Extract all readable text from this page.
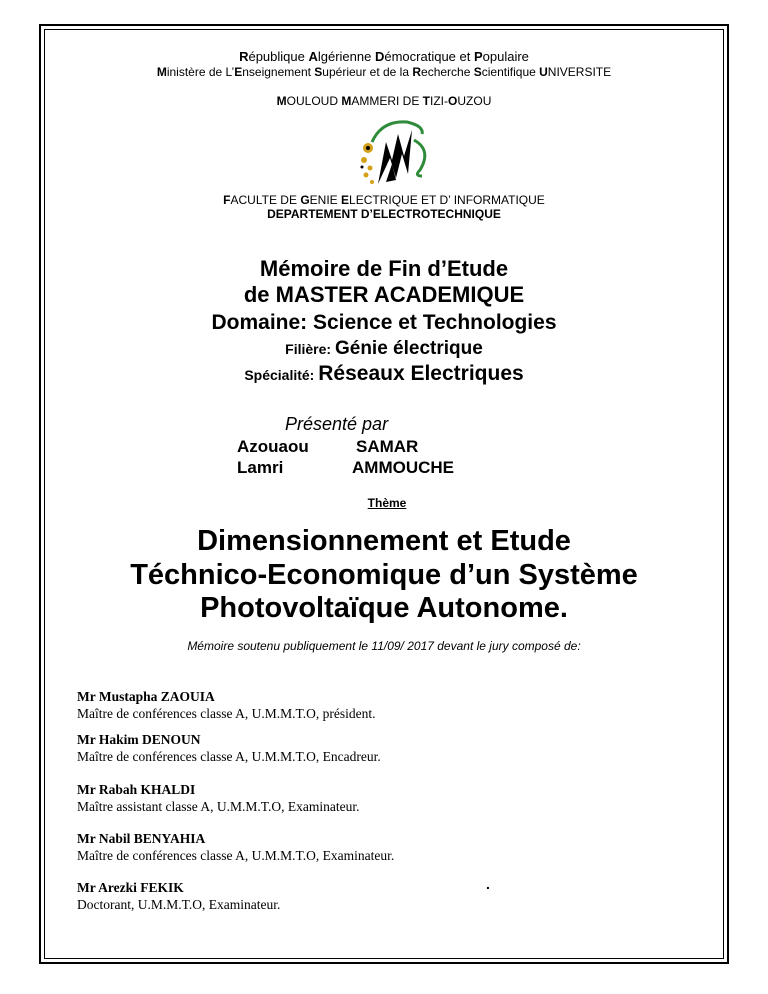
République Algérienne Démocratique et Populaire
Ministère de L’Enseignement Supérieur et de la Recherche Scientifique UNIVERSITE
MOULOUD MAMMERI DE TIZI-OUZOU
FACULTE DE GENIE ELECTRIQUE ET D’ INFORMATIQUE
DEPARTEMENT D’ELECTROTECHNIQUE
Mémoire de Fin d’Etude
de MASTER ACADEMIQUE
Domaine: Science et Technologies
Filière: Génie électrique
Spécialité: Réseaux Electriques
Présenté par
Azouaou	SAMAR
Lamri	AMMOUCHE
Thème
Dimensionnement et Etude
Téchnico-Economique d’un Système
Photovoltaïque Autonome.
Mémoire soutenu publiquement le 11/09/ 2017 devant le jury composé de:
Mr Mustapha ZAOUIA
Maître de conférences classe A, U.M.M.T.O, président.
Mr Hakim DENOUN
Maître de conférences classe A, U.M.M.T.O, Encadreur.
Mr Rabah KHALDI
Maître assistant classe A, U.M.M.T.O, Examinateur.
Mr Nabil BENYAHIA
Maître de conférences classe A, U.M.M.T.O, Examinateur.
Mr Arezki FEKIK
Doctorant, U.M.M.T.O, Examinateur.
.
